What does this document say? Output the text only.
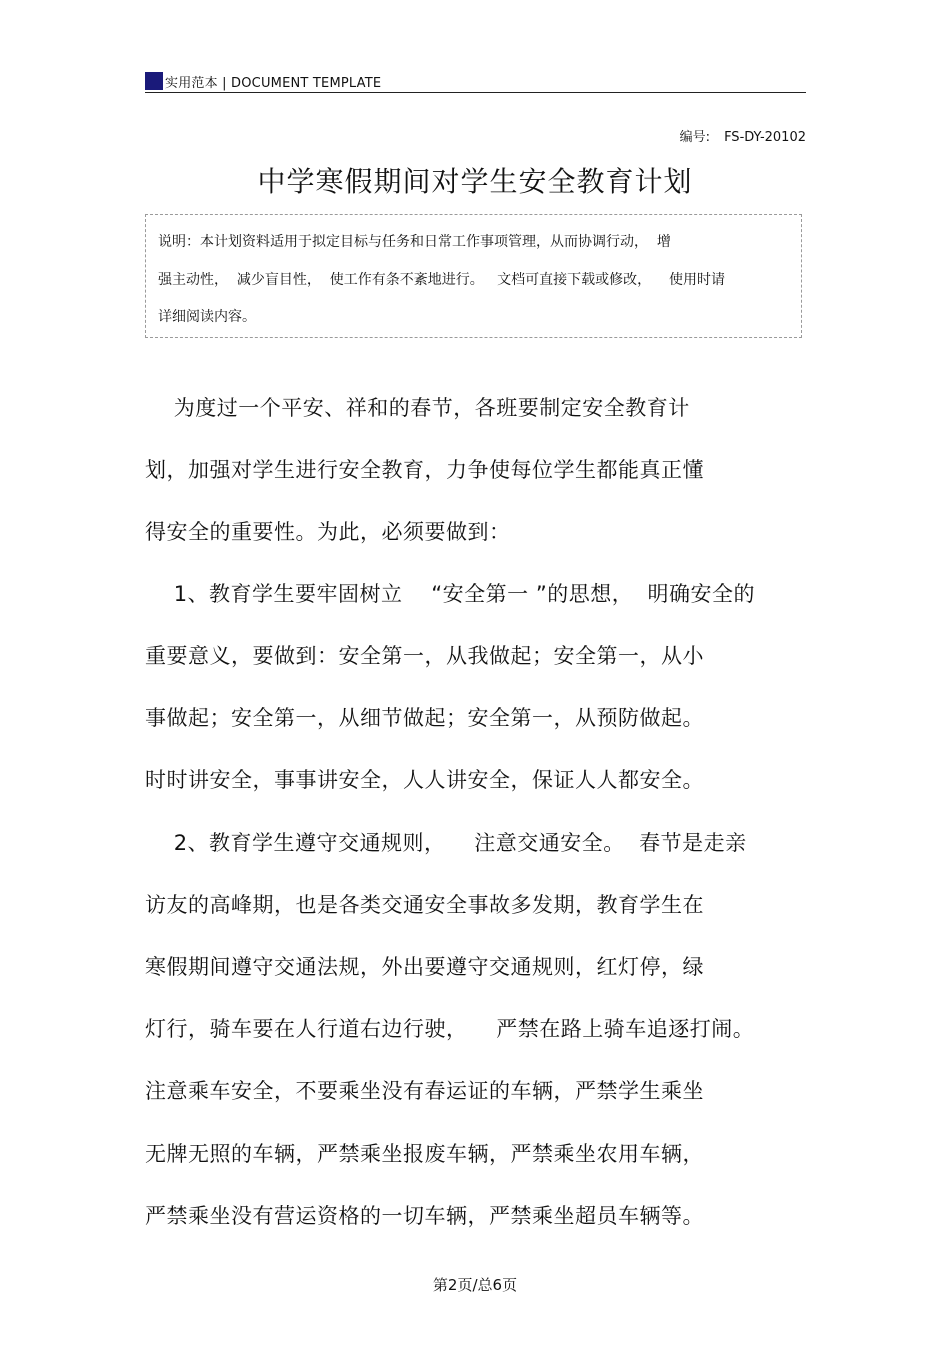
实用范本 | DOCUMENT TEMPLATE
编号: FS-DY-20102
中学寒假期间对学生安全教育计划
说明：本计划资料适用于拟定目标与任务和日常工作事项管理，从而协调行动，  增
强主动性，  减少盲目性，  使工作有条不紊地进行。   文档可直接下载或修改，    使用时请
详细阅读内容。
为度过一个平安、祥和的春节，各班要制定安全教育计
划，加强对学生进行安全教育，力争使每位学生都能真正懂
得安全的重要性。为此，必须要做到：
1、教育学生要牢固树立    “安全第一 ”的思想，  明确安全的
重要意义，要做到：安全第一，从我做起；安全第一，从小
事做起；安全第一，从细节做起；安全第一，从预防做起。
时时讲安全，事事讲安全，人人讲安全，保证人人都安全。
2、教育学生遵守交通规则，    注意交通安全。  春节是走亲
访友的高峰期，也是各类交通安全事故多发期，教育学生在
寒假期间遵守交通法规，外出要遵守交通规则，红灯停，绿
灯行，骑车要在人行道右边行驶，    严禁在路上骑车追逐打闹。
注意乘车安全，不要乘坐没有春运证的车辆，严禁学生乘坐
无牌无照的车辆，严禁乘坐报废车辆，严禁乘坐农用车辆，
严禁乘坐没有营运资格的一切车辆，严禁乘坐超员车辆等。
第2页/总6页
